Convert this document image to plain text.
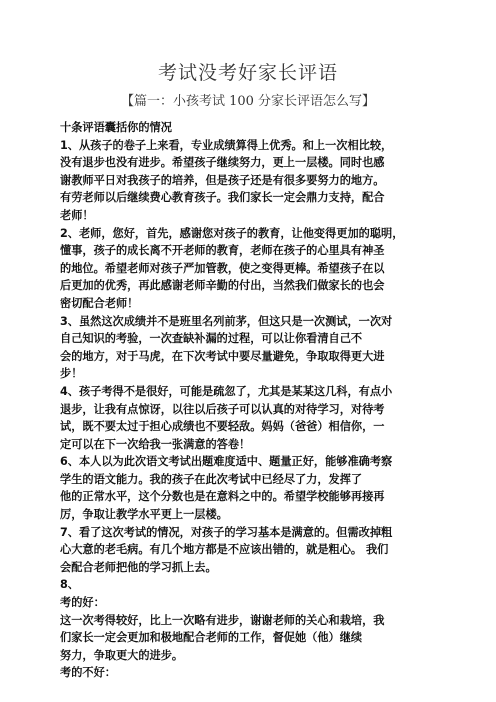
考试没考好家长评语
【篇一：小孩考试 100 分家长评语怎么写】
十条评语囊括你的情况
1、从孩子的卷子上来看，专业成绩算得上优秀。和上一次相比较，
没有退步也没有进步。希望孩子继续努力，更上一层楼。同时也感
谢教师平日对我孩子的培养，但是孩子还是有很多要努力的地方。
有劳老师以后继续费心教育孩子。我们家长一定会鼎力支持，配合
老师！
2、老师，您好，首先，感谢您对孩子的教育，让他变得更加的聪明，
懂事，孩子的成长离不开老师的教育，老师在孩子的心里具有神圣
的地位。希望老师对孩子严加管教，使之变得更棒。希望孩子在以
后更加的优秀，再此感谢老师辛勤的付出，当然我们做家长的也会
密切配合老师！
3、虽然这次成绩并不是班里名列前茅，但这只是一次测试，一次对
自己知识的考验，一次查缺补漏的过程，可以让你看清自己不
会的地方，对于马虎，在下次考试中要尽量避免，争取取得更大进
步！
4、孩子考得不是很好，可能是疏忽了，尤其是某某这几科，有点小
退步，让我有点惊讶，以往以后孩子可以认真的对待学习，对待考
试，既不要太过于担心成绩也不要轻敌。妈妈（爸爸）相信你，一
定可以在下一次给我一张满意的答卷！
6、本人以为此次语文考试出题难度适中、题量正好，能够准确考察
学生的语文能力。我的孩子在此次考试中已经尽了力，发挥了
他的正常水平，这个分数也是在意料之中的。希望学校能够再接再
厉，争取让教学水平更上一层楼。
7、看了这次考试的情况，对孩子的学习基本是满意的。但需改掉粗
心大意的老毛病。有几个地方都是不应该出错的，就是粗心。 我们
会配合老师把他的学习抓上去。
8、
考的好：
这一次考得较好，比上一次略有进步，谢谢老师的关心和栽培，我
们家长一定会更加和极地配合老师的工作，督促她（他）继续
努力，争取更大的进步。
考的不好：
